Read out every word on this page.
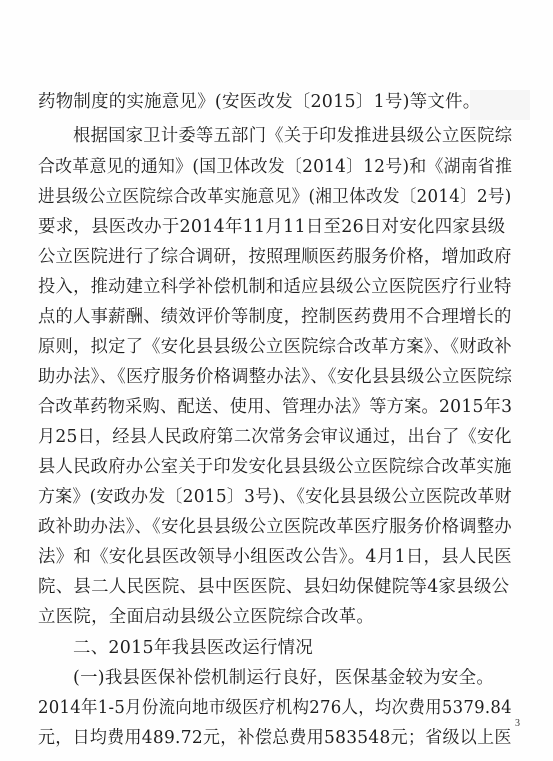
药物制度的实施意见》(安医改发〔2015〕1号)等文件。
根据国家卫计委等五部门《关于印发推进县级公立医院综
合改革意见的通知》(国卫体改发〔2014〕12号)和《湖南省推
进县级公立医院综合改革实施意见》(湘卫体改发〔2014〕2号)
要求，县医改办于2014年11月11日至26日对安化四家县级
公立医院进行了综合调研，按照理顺医药服务价格，增加政府
投入，推动建立科学补偿机制和适应县级公立医院医疗行业特
点的人事薪酬、绩效评价等制度，控制医药费用不合理增长的
原则，拟定了《安化县县级公立医院综合改革方案》、《财政补
助办法》、《医疗服务价格调整办法》、《安化县县级公立医院综
合改革药物采购、配送、使用、管理办法》等方案。2015年3
月25日，经县人民政府第二次常务会审议通过，出台了《安化
县人民政府办公室关于印发安化县县级公立医院综合改革实施
方案》(安政办发〔2015〕3号)、《安化县县级公立医院改革财
政补助办法》、《安化县县级公立医院改革医疗服务价格调整办
法》和《安化县医改领导小组医改公告》。4月1日，县人民医
院、县二人民医院、县中医医院、县妇幼保健院等4家县级公
立医院，全面启动县级公立医院综合改革。
二、2015年我县医改运行情况
(一)我县医保补偿机制运行良好，医保基金较为安全。
2014年1-5月份流向地市级医疗机构276人，均次费用5379.84
元，日均费用489.72元，补偿总费用583548元；省级以上医
3
